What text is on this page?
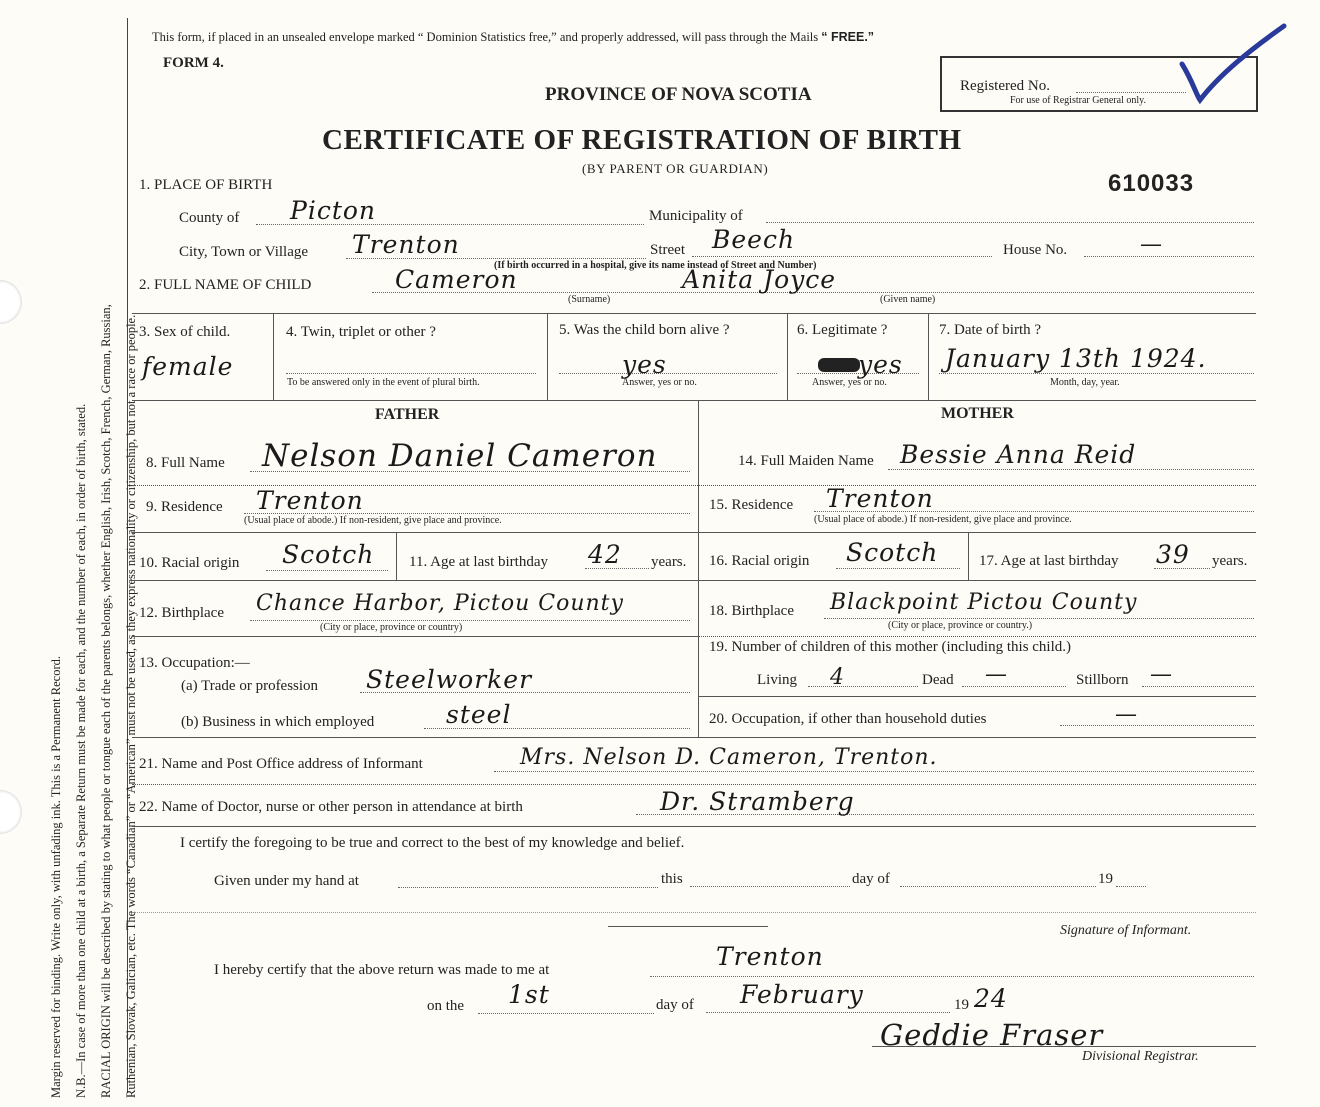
Margin reserved for binding. Write only, with unfading ink. This is a Permanent Record. N.B.—In case of more than one child at a birth, a Separate Return must be made for each, and the number of each, in order of birth, stated. RACIAL ORIGIN will be described by stating to what people or tongue each of the parents belongs, whether English, Irish, Scotch, French, German, Russian, Ruthenian, Slovak, Galician, etc. The words “Canadian” or “American” must not be used, as they express nationality or citizenship, but not a race or people.
This form, if placed in an unsealed envelope marked “ Dominion Statistics free,” and properly addressed, will pass through the Mails “ FREE.”
FORM 4.
PROVINCE OF NOVA SCOTIA
CERTIFICATE OF REGISTRATION OF BIRTH
(BY PARENT OR GUARDIAN)
Registered No.
For use of Registrar General only.
610033
1. PLACE OF BIRTH
County of Picton	Municipality of
City, Town or Village Trenton	Street Beech	House No.	—
(If birth occurred in a hospital, give its name instead of Street and Number)
2. FULL NAME OF CHILD	Cameron
(Surname)
Anita Joyce
(Given name)
3. Sex of child.
female
4. Twin, triplet or other ?
To be answered only in the event of plural birth.
5. Was the child born alive ?
yes
Answer, yes or no.
6. Legitimate ?
yes
Answer, yes or no.
7. Date of birth ?
January 13th 1924.
Month, day, year.
FATHER	MOTHER
8. Full Name Nelson Daniel Cameron	14. Full Maiden Name Bessie Anna Reid
9. Residence Trenton
(Usual place of abode.) If non-resident, give place and province.
15. Residence Trenton
(Usual place of abode.) If non-resident, give place and province.
10. Racial origin Scotch 11. Age at last birthday 42 years. 16. Racial origin Scotch	17. Age at last birthday 39 years.
12. Birthplace Chance Harbor, Pictou County
(City or place, province or country)
18. Birthplace Blackpoint Pictou County
(City or place, province or country.)
13. Occupation:—
(a) Trade or profession Steelworker
(b) Business in which employed	steel
19. Number of children of this mother (including this child.)
Living 4	Dead —	Stillborn —
20. Occupation, if other than household duties	—
21. Name and Post Office address of Informant	Mrs. Nelson D. Cameron, Trenton.
22. Name of Doctor, nurse or other person in attendance at birth	Dr. Stramberg
I certify the foregoing to be true and correct to the best of my knowledge and belief.
Given under my hand at	this	day of	19
Signature of Informant.
I hereby certify that the above return was made to me at	Trenton
on the 1st	day of February	19 24
Geddie Fraser
Divisional Registrar.
